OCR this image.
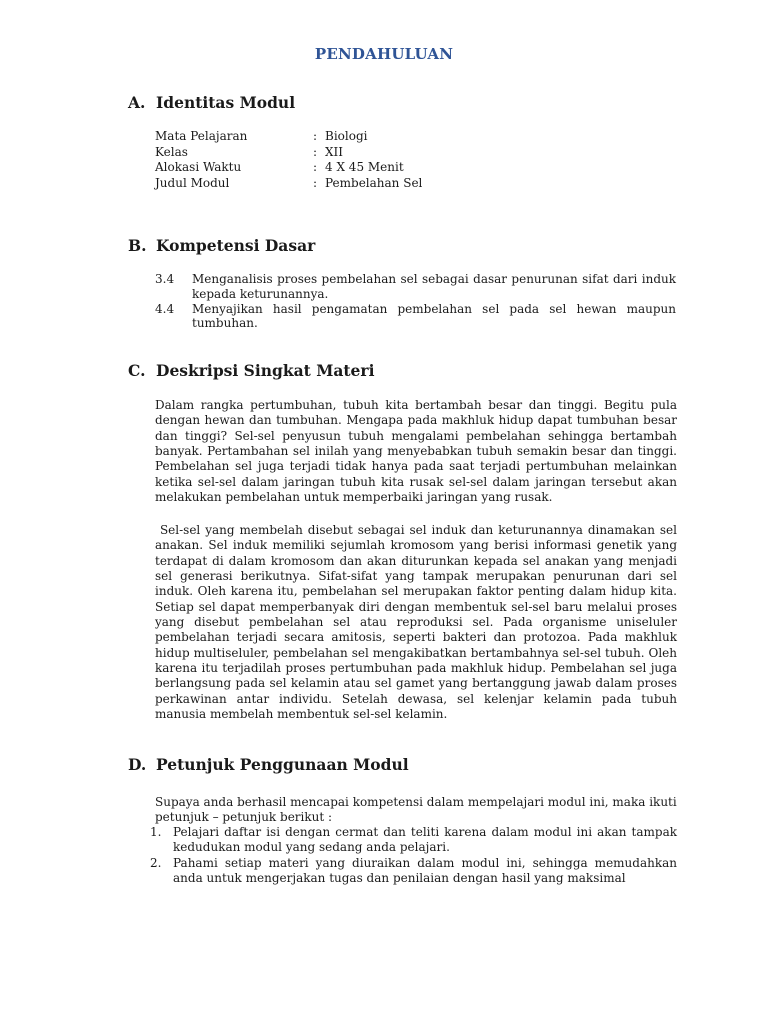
PENDAHULUAN
A. Identitas Modul
Mata Pelajaran	: Biologi
Kelas	: XII
Alokasi Waktu	: 4 X 45 Menit
Judul Modul	: Pembelahan Sel
B. Kompetensi Dasar
3.4	Menganalisis proses pembelahan sel sebagai dasar penurunan sifat dari induk kepada keturunannya.
4.4	Menyajikan hasil pengamatan pembelahan sel pada sel hewan maupun tumbuhan.
C. Deskripsi Singkat Materi

Dalam rangka pertumbuhan, tubuh kita bertambah besar dan tinggi. Begitu pula dengan hewan dan tumbuhan. Mengapa pada makhluk hidup dapat tumbuhan besar dan tinggi? Sel-sel penyusun tubuh mengalami pembelahan sehingga bertambah banyak. Pertambahan sel inilah yang menyebabkan tubuh semakin besar dan tinggi. Pembelahan sel juga terjadi tidak hanya pada saat terjadi pertumbuhan melainkan ketika sel-sel dalam jaringan tubuh kita rusak sel-sel dalam jaringan tersebut akan melakukan pembelahan untuk memperbaiki jaringan yang rusak.

Sel-sel yang membelah disebut sebagai sel induk dan keturunannya dinamakan sel anakan. Sel induk memiliki sejumlah kromosom yang berisi informasi genetik yang terdapat di dalam kromosom dan akan diturunkan kepada sel anakan yang menjadi sel generasi berikutnya. Sifat-sifat yang tampak merupakan penurunan dari sel induk. Oleh karena itu, pembelahan sel merupakan faktor penting dalam hidup kita. Setiap sel dapat memperbanyak diri dengan membentuk sel-sel baru melalui proses yang disebut pembelahan sel atau reproduksi sel. Pada organisme uniseluler pembelahan terjadi secara amitosis, seperti bakteri dan protozoa. Pada makhluk hidup multiseluler, pembelahan sel mengakibatkan bertambahnya sel-sel tubuh. Oleh karena itu terjadilah proses pertumbuhan pada makhluk hidup. Pembelahan sel juga berlangsung pada sel kelamin atau sel gamet yang bertanggung jawab dalam proses perkawinan antar individu. Setelah dewasa, sel kelenjar kelamin pada tubuh manusia membelah membentuk sel-sel kelamin.

D. Petunjuk Penggunaan Modul
Supaya anda berhasil mencapai kompetensi dalam mempelajari modul ini, maka ikuti petunjuk – petunjuk berikut :
1. Pelajari daftar isi dengan cermat dan teliti karena dalam modul ini akan tampak kedudukan modul yang sedang anda pelajari.
2. Pahami setiap materi yang diuraikan dalam modul ini, sehingga memudahkan anda untuk mengerjakan tugas dan penilaian dengan hasil yang maksimal
